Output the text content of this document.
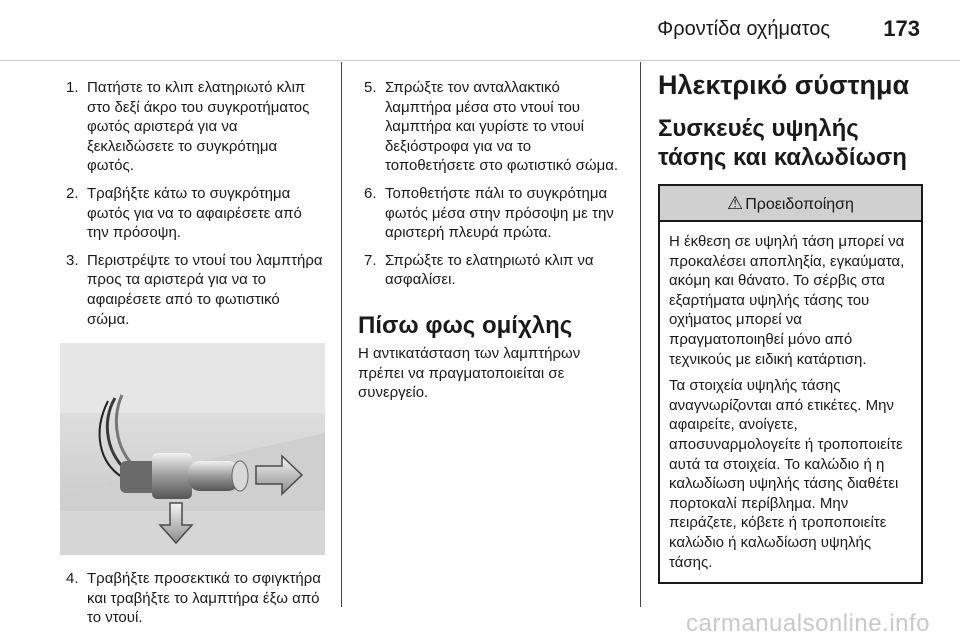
Φροντίδα οχήματος 173
1. Πατήστε το κλιπ ελατηριωτό κλιπ στο δεξί άκρο του συγκροτήματος φωτός αριστερά για να ξεκλειδώσετε το συγκρότημα φωτός.
2. Τραβήξτε κάτω το συγκρότημα φωτός για να το αφαιρέσετε από την πρόσοψη.
3. Περιστρέψτε το ντουί του λαμπτήρα προς τα αριστερά για να το αφαιρέσετε από το φωτιστικό σώμα.
4. Τραβήξτε προσεκτικά το σφιγκτήρα και τραβήξτε το λαμπτήρα έξω από το ντουί.
5. Σπρώξτε τον ανταλλακτικό λαμπτήρα μέσα στο ντουί του λαμπτήρα και γυρίστε το ντουί δεξιόστροφα για να το τοποθετήσετε στο φωτιστικό σώμα.
6. Τοποθετήστε πάλι το συγκρότημα φωτός μέσα στην πρόσοψη με την αριστερή πλευρά πρώτα.
7. Σπρώξτε το ελατηριωτό κλιπ να ασφαλίσει.
Πίσω φως ομίχλης

Η αντικατάσταση των λαμπτήρων πρέπει να πραγματοποιείται σε συνεργείο.

Ηλεκτρικό σύστημα
Συσκευές υψηλής τάσης και καλωδίωση
⚠ Προειδοποίηση

Η έκθεση σε υψηλή τάση μπορεί να προκαλέσει αποπληξία, εγκαύματα, ακόμη και θάνατο. Το σέρβις στα εξαρτήματα υψηλής τάσης του οχήματος μπορεί να πραγματοποιηθεί μόνο από τεχνικούς με ειδική κατάρτιση.

Τα στοιχεία υψηλής τάσης αναγνωρίζονται από ετικέτες. Μην αφαιρείτε, ανοίγετε, αποσυναρμολογείτε ή τροποποιείτε αυτά τα στοιχεία. Το καλώδιο ή η καλωδίωση υψηλής τάσης διαθέτει πορτοκαλί περίβλημα. Μην πειράζετε, κόβετε ή τροποποιείτε καλώδιο ή καλωδίωση υψηλής τάσης.

carmanualsonline.info
